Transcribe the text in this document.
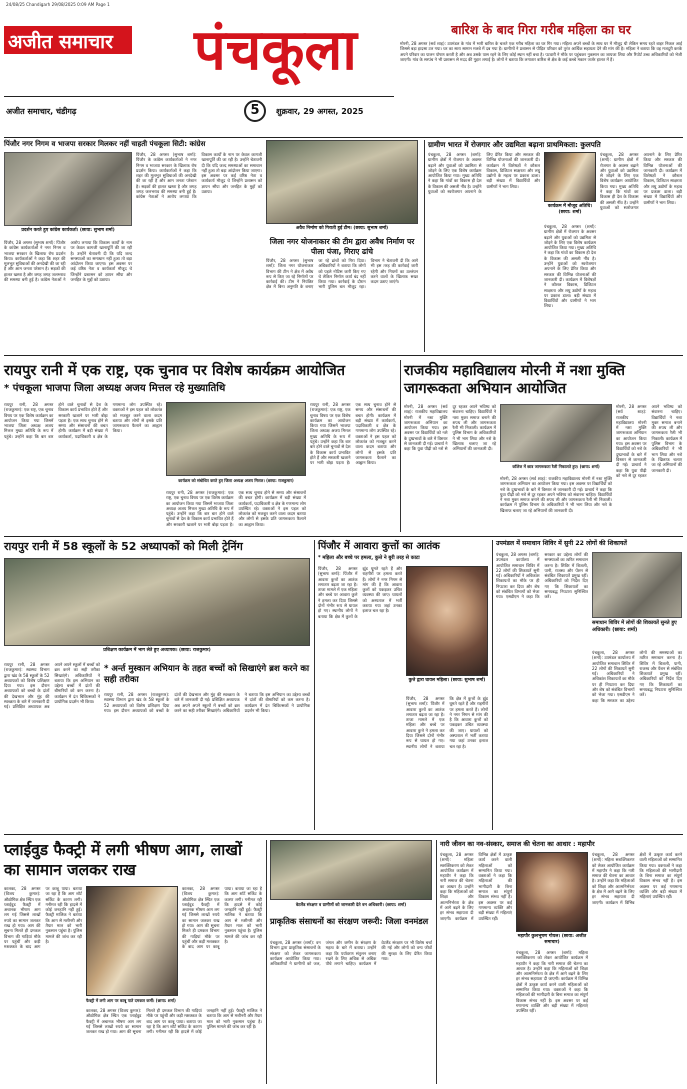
24/08/25 Chandigarh 29/08/2025 0:09 AM Page 1
अजीत समाचार पंचकूला
अजीत समाचार, चंडीगढ़	5	शुक्रवार, 29 अगस्त, 2025
बारिश के बाद गिरा गरीब महिला का घर
मोरनी, 28 अगस्त (सर्व शाह): उपमंडल के गांव में भारी बारिश के चलते एक गरीब महिला का घर गिर गया। महिला अपने बच्चों के साथ घर में मौजूद थी लेकिन समय रहते बाहर निकल आई जिससे बड़ा हादसा टल गया। घर का सारा सामान मलबे में दब गया है। ग्रामीणों ने प्रशासन से पीड़ित परिवार को तुरंत आर्थिक सहायता देने की मांग की है। महिला ने बताया कि वह मजदूरी करके अपने परिवार का पालन पोषण करती है और अब उसके पास रहने के लिए कोई स्थान नहीं बचा है। पटवारी ने मौके पर पहुंचकर नुकसान का जायजा लिया और रिपोर्ट उच्च अधिकारियों को भेजी जाएगी। गांव के सरपंच ने भी प्रशासन से मदद की गुहार लगाई है। लोगों ने बताया कि लगातार बारिश से क्षेत्र के कई कच्चे मकान जर्जर हालत में हैं।
पिंजौर नगर निगम व भाजपा सरकार मिलकर नहीं चाहती पंचकूला सिटी: कांग्रेस
प्रदर्शन करते हुए कांग्रेस कार्यकर्ता। (छाया: सुभाष शर्मा)
पिंजौर, 28 अगस्त (सुभाष शर्मा): पिंजौर के कांग्रेस कार्यकर्ताओं ने नगर निगम व भाजपा सरकार के खिलाफ रोष प्रदर्शन किया। कार्यकर्ताओं ने कहा कि शहर की मूलभूत सुविधाओं की अनदेखी की जा रही है और आम जनता परेशान है। सड़कों की हालत खस्ता है और जगह जगह जलभराव की समस्या बनी हुई है। कांग्रेस नेताओं ने आरोप लगाया कि विकास कार्यों के नाम पर केवल कागजी खानापूर्ति की जा रही है। उन्होंने चेतावनी दी कि यदि जल्द समस्याओं का समाधान नहीं हुआ तो बड़ा आंदोलन किया जाएगा। इस अवसर पर कई वरिष्ठ नेता व कार्यकर्ता मौजूद थे जिन्होंने प्रशासन को ज्ञापन सौंपा और जनहित के मुद्दों को उठाया।
पिंजौर, 28 अगस्त (सुभाष शर्मा): पिंजौर के कांग्रेस कार्यकर्ताओं ने नगर निगम व भाजपा सरकार के खिलाफ रोष प्रदर्शन किया। कार्यकर्ताओं ने कहा कि शहर की मूलभूत सुविधाओं की अनदेखी की जा रही है और आम जनता परेशान है। सड़कों की हालत खस्ता है और जगह जगह जलभराव की समस्या बनी हुई है। कांग्रेस नेताओं ने आरोप लगाया कि विकास कार्यों के नाम पर केवल कागजी खानापूर्ति की जा रही है। उन्होंने चेतावनी दी कि यदि जल्द समस्याओं का समाधान नहीं हुआ तो बड़ा आंदोलन किया जाएगा। इस अवसर पर कई वरिष्ठ नेता व कार्यकर्ता मौजूद थे जिन्होंने प्रशासन को ज्ञापन सौंपा और जनहित के मुद्दों को उठाया।
अवैध निर्माण को गिराती हुई टीम। (छाया: सुभाष शर्मा)
जिला नगर योजनाकार की टीम द्वारा अवैध निर्माण पर पीला पंजा, गिराए ढांचे
पिंजौर, 28 अगस्त (सुभाष शर्मा): जिला नगर योजनाकार विभाग की टीम ने क्षेत्र में अवैध रूप से किए जा रहे निर्माणों पर कार्रवाई की। टीम ने नियंत्रित क्षेत्र में बिना अनुमति के बनाए जा रहे ढांचों को गिरा दिया। अधिकारियों ने बताया कि लोगों को पहले नोटिस जारी किए गए थे लेकिन निर्माण कार्य बंद नहीं किया गया। कार्रवाई के दौरान भारी पुलिस बल मौजूद रहा। विभाग ने चेतावनी दी कि आगे भी इस तरह की कार्रवाई जारी रहेगी और नियमों का उल्लंघन करने वालों के खिलाफ सख्त कदम उठाए जाएंगे।
ग्रामीण भारत में रोजगार और उद्यमिता बढ़ाना प्राथमिकता: कुलपति
पंचकूला, 28 अगस्त (शर्मा): ग्रामीण क्षेत्रों में रोजगार के अवसर बढ़ाने और युवाओं को उद्यमिता से जोड़ने के लिए एक विशेष कार्यक्रम आयोजित किया गया। मुख्य अतिथि ने कहा कि गांवों का विकास ही देश के विकास की असली नींव है। उन्होंने युवाओं को स्वरोजगार अपनाने के लिए प्रेरित किया और सरकार की विभिन्न योजनाओं की जानकारी दी। कार्यक्रम में विशेषज्ञों ने कौशल विकास, डिजिटल साक्षरता और लघु उद्योगों के महत्व पर प्रकाश डाला। बड़ी संख्या में विद्यार्थियों और ग्रामीणों ने भाग लिया।
कार्यक्रम में मौजूद अतिथि। (छाया: शर्मा)
पंचकूला, 28 अगस्त (शर्मा): ग्रामीण क्षेत्रों में रोजगार के अवसर बढ़ाने और युवाओं को उद्यमिता से जोड़ने के लिए एक विशेष कार्यक्रम आयोजित किया गया। मुख्य अतिथि ने कहा कि गांवों का विकास ही देश के विकास की असली नींव है। उन्होंने युवाओं को स्वरोजगार अपनाने के लिए प्रेरित किया और सरकार की विभिन्न योजनाओं की जानकारी दी। कार्यक्रम में विशेषज्ञों ने कौशल विकास, डिजिटल साक्षरता और लघु उद्योगों के महत्व पर प्रकाश डाला। बड़ी संख्या में विद्यार्थियों और ग्रामीणों ने भाग लिया।
पंचकूला, 28 अगस्त (शर्मा): ग्रामीण क्षेत्रों में रोजगार के अवसर बढ़ाने और युवाओं को उद्यमिता से जोड़ने के लिए एक विशेष कार्यक्रम आयोजित किया गया। मुख्य अतिथि ने कहा कि गांवों का विकास ही देश के विकास की असली नींव है। उन्होंने युवाओं को स्वरोजगार अपनाने के लिए प्रेरित किया और सरकार की विभिन्न योजनाओं की जानकारी दी। कार्यक्रम में विशेषज्ञों ने कौशल विकास, डिजिटल साक्षरता और लघु उद्योगों के महत्व पर प्रकाश डाला। बड़ी संख्या में विद्यार्थियों और ग्रामीणों ने भाग लिया।
रायपुर रानी में एक राष्ट्र, एक चुनाव पर विशेष कार्यक्रम आयोजित
* पंचकूला भाजपा जिला अध्यक्ष अजय मित्तल रहे मुख्यातिथि
रायपुर रानी, 28 अगस्त (राजकुमार): एक राष्ट्र, एक चुनाव विषय पर एक विशेष कार्यक्रम का आयोजन किया गया जिसमें भाजपा जिला अध्यक्ष अजय मित्तल मुख्य अतिथि के रूप में पहुंचे। उन्होंने कहा कि बार बार होने वाले चुनावों से देश के विकास कार्य प्रभावित होते हैं और सरकारी खजाने पर भारी बोझ पड़ता है। एक साथ चुनाव होने से समय और संसाधनों की बचत होगी। कार्यक्रम में बड़ी संख्या में कार्यकर्ता, पदाधिकारी व क्षेत्र के गणमान्य लोग उपस्थित रहे। वक्ताओं ने इस पहल को लोकतंत्र को मजबूत करने वाला कदम बताया और लोगों से इसके प्रति जागरूकता फैलाने का आह्वान किया।
कार्यक्रम को संबोधित करते हुए जिला अध्यक्ष अजय मित्तल। (छाया: राजकुमार)
रायपुर रानी, 28 अगस्त (राजकुमार): एक राष्ट्र, एक चुनाव विषय पर एक विशेष कार्यक्रम का आयोजन किया गया जिसमें भाजपा जिला अध्यक्ष अजय मित्तल मुख्य अतिथि के रूप में पहुंचे। उन्होंने कहा कि बार बार होने वाले चुनावों से देश के विकास कार्य प्रभावित होते हैं और सरकारी खजाने पर भारी बोझ पड़ता है। एक साथ चुनाव होने से समय और संसाधनों की बचत होगी। कार्यक्रम में बड़ी संख्या में कार्यकर्ता, पदाधिकारी व क्षेत्र के गणमान्य लोग उपस्थित रहे। वक्ताओं ने इस पहल को लोकतंत्र को मजबूत करने वाला कदम बताया और लोगों से इसके प्रति जागरूकता फैलाने का आह्वान किया।
रायपुर रानी, 28 अगस्त (राजकुमार): एक राष्ट्र, एक चुनाव विषय पर एक विशेष कार्यक्रम का आयोजन किया गया जिसमें भाजपा जिला अध्यक्ष अजय मित्तल मुख्य अतिथि के रूप में पहुंचे। उन्होंने कहा कि बार बार होने वाले चुनावों से देश के विकास कार्य प्रभावित होते हैं और सरकारी खजाने पर भारी बोझ पड़ता है। एक साथ चुनाव होने से समय और संसाधनों की बचत होगी। कार्यक्रम में बड़ी संख्या में कार्यकर्ता, पदाधिकारी व क्षेत्र के गणमान्य लोग उपस्थित रहे। वक्ताओं ने इस पहल को लोकतंत्र को मजबूत करने वाला कदम बताया और लोगों से इसके प्रति जागरूकता फैलाने का आह्वान किया।
राजकीय महाविद्यालय मोरनी में नशा मुक्ति जागरूकता अभियान आयोजित
मोरनी, 28 अगस्त (सर्व शाह): राजकीय महाविद्यालय मोरनी में नशा मुक्ति जागरूकता अभियान का आयोजन किया गया। इस अवसर पर विद्यार्थियों को नशे के दुष्प्रभावों के बारे में विस्तार से जानकारी दी गई। प्राचार्य ने कहा कि युवा पीढ़ी को नशे से दूर रहकर अपने भविष्य को संवारना चाहिए। विद्यार्थियों ने नशा मुक्त समाज बनाने की शपथ ली और जागरूकता रैली भी निकाली। कार्यक्रम में पुलिस विभाग के अधिकारियों ने भी भाग लिया और नशे के खिलाफ चलाए जा रहे अभियानों की जानकारी दी।
कॉलेज में छात्र जागरूकता रैली निकालते हुए। (छाया: शर्मा)
मोरनी, 28 अगस्त (सर्व शाह): राजकीय महाविद्यालय मोरनी में नशा मुक्ति जागरूकता अभियान का आयोजन किया गया। इस अवसर पर विद्यार्थियों को नशे के दुष्प्रभावों के बारे में विस्तार से जानकारी दी गई। प्राचार्य ने कहा कि युवा पीढ़ी को नशे से दूर रहकर अपने भविष्य को संवारना चाहिए। विद्यार्थियों ने नशा मुक्त समाज बनाने की शपथ ली और जागरूकता रैली भी निकाली। कार्यक्रम में पुलिस विभाग के अधिकारियों ने भी भाग लिया और नशे के खिलाफ चलाए जा रहे अभियानों की जानकारी दी।
मोरनी, 28 अगस्त (सर्व शाह): राजकीय महाविद्यालय मोरनी में नशा मुक्ति जागरूकता अभियान का आयोजन किया गया। इस अवसर पर विद्यार्थियों को नशे के दुष्प्रभावों के बारे में विस्तार से जानकारी दी गई। प्राचार्य ने कहा कि युवा पीढ़ी को नशे से दूर रहकर अपने भविष्य को संवारना चाहिए। विद्यार्थियों ने नशा मुक्त समाज बनाने की शपथ ली और जागरूकता रैली भी निकाली। कार्यक्रम में पुलिस विभाग के अधिकारियों ने भी भाग लिया और नशे के खिलाफ चलाए जा रहे अभियानों की जानकारी दी।
रायपुर रानी में 58 स्कूलों के 52 अध्यापकों को मिली ट्रेनिंग
प्रशिक्षण कार्यक्रम में भाग लेते हुए अध्यापक। (छाया: राजकुमार)
रायपुर रानी, 28 अगस्त (राजकुमार): स्वास्थ्य विभाग द्वारा खंड के 58 स्कूलों के 52 अध्यापकों को विशेष प्रशिक्षण दिया गया। इस दौरान अध्यापकों को बच्चों के दांतों की देखभाल और मुंह की स्वच्छता के बारे में जानकारी दी गई। प्रशिक्षित अध्यापक अब अपने अपने स्कूलों में बच्चों को ब्रश करने का सही तरीका सिखाएंगे। अधिकारियों ने बताया कि इस अभियान का उद्देश्य बच्चों में दांतों की बीमारियों को कम करना है। कार्यक्रम में दंत चिकित्सकों ने प्रायोगिक प्रदर्शन भी किया।
* अर्न्त मुस्कान अभियान के तहत बच्चों को सिखाएंगे ब्रश करने का सही तरीका
रायपुर रानी, 28 अगस्त (राजकुमार): स्वास्थ्य विभाग द्वारा खंड के 58 स्कूलों के 52 अध्यापकों को विशेष प्रशिक्षण दिया गया। इस दौरान अध्यापकों को बच्चों के दांतों की देखभाल और मुंह की स्वच्छता के बारे में जानकारी दी गई। प्रशिक्षित अध्यापक अब अपने अपने स्कूलों में बच्चों को ब्रश करने का सही तरीका सिखाएंगे। अधिकारियों ने बताया कि इस अभियान का उद्देश्य बच्चों में दांतों की बीमारियों को कम करना है। कार्यक्रम में दंत चिकित्सकों ने प्रायोगिक प्रदर्शन भी किया।
पिंजौर में आवारा कुत्तों का आतंक
* महिला और बच्चे पर हमला, कुत्ते ने बुरी तरह से काटा
पिंजौर, 28 अगस्त (सुभाष शर्मा): पिंजौर में आवारा कुत्तों का आतंक लगातार बढ़ता जा रहा है। ताजा मामले में एक महिला और बच्चे पर आवारा कुत्ते ने हमला कर दिया जिससे दोनों गंभीर रूप से घायल हो गए। स्थानीय लोगों ने बताया कि क्षेत्र में कुत्तों के झुंड घूमते रहते हैं और राहगीरों पर हमला करते हैं। लोगों ने नगर निगम से मांग की है कि आवारा कुत्तों को पकड़कर उचित व्यवस्था की जाए। घायलों को अस्पताल में भर्ती कराया गया जहां उनका इलाज चल रहा है।
कुत्ते द्वारा घायल महिला। (छाया: सुभाष शर्मा)
पिंजौर, 28 अगस्त (सुभाष शर्मा): पिंजौर में आवारा कुत्तों का आतंक लगातार बढ़ता जा रहा है। ताजा मामले में एक महिला और बच्चे पर आवारा कुत्ते ने हमला कर दिया जिससे दोनों गंभीर रूप से घायल हो गए। स्थानीय लोगों ने बताया कि क्षेत्र में कुत्तों के झुंड घूमते रहते हैं और राहगीरों पर हमला करते हैं। लोगों ने नगर निगम से मांग की है कि आवारा कुत्तों को पकड़कर उचित व्यवस्था की जाए। घायलों को अस्पताल में भर्ती कराया गया जहां उनका इलाज चल रहा है।
उपमंडल में समाधान शिविर में सुनी 22 लोगों की शिकायतें
पंचकूला, 28 अगस्त (शर्मा): उपमंडल कार्यालय में आयोजित समाधान शिविर में 22 लोगों की शिकायतें सुनी गईं। अधिकारियों ने अधिकांश शिकायतों का मौके पर ही निपटारा कर दिया और शेष को संबंधित विभागों को भेजा गया। एसडीएम ने कहा कि सरकार का उद्देश्य लोगों की समस्याओं का त्वरित समाधान करना है। शिविर में बिजली, पानी, राजस्व और पेंशन से संबंधित शिकायतें प्रमुख रहीं। अधिकारियों को निर्देश दिए गए कि शिकायतों का समयबद्ध निपटारा सुनिश्चित करें।
समाधान शिविर में लोगों की शिकायतें सुनते हुए अधिकारी। (छाया: शर्मा)
पंचकूला, 28 अगस्त (शर्मा): उपमंडल कार्यालय में आयोजित समाधान शिविर में 22 लोगों की शिकायतें सुनी गईं। अधिकारियों ने अधिकांश शिकायतों का मौके पर ही निपटारा कर दिया और शेष को संबंधित विभागों को भेजा गया। एसडीएम ने कहा कि सरकार का उद्देश्य लोगों की समस्याओं का त्वरित समाधान करना है। शिविर में बिजली, पानी, राजस्व और पेंशन से संबंधित शिकायतें प्रमुख रहीं। अधिकारियों को निर्देश दिए गए कि शिकायतों का समयबद्ध निपटारा सुनिश्चित करें।
प्लाईवुड फैक्ट्री में लगी भीषण आग, लाखों का सामान जलकर राख
कालका, 28 अगस्त (विजय कुमार): औद्योगिक क्षेत्र स्थित एक प्लाईवुड फैक्ट्री में अचानक भीषण आग लग गई जिससे लाखों रुपये का सामान जलकर राख हो गया। आग की सूचना मिलते ही दमकल विभाग की गाड़ियां मौके पर पहुंचीं और कड़ी मशक्कत के बाद आग पर काबू पाया। बताया जा रहा है कि आग शॉर्ट सर्किट के कारण लगी। गनीमत रही कि हादसे में कोई जनहानि नहीं हुई। फैक्ट्री मालिक ने बताया कि आग से मशीनरी और तैयार माल को भारी नुकसान पहुंचा है। पुलिस मामले की जांच कर रही है।
फैक्ट्री में लगी आग पर काबू पाते दमकल कर्मी। (छाया: शर्मा)
कालका, 28 अगस्त (विजय कुमार): औद्योगिक क्षेत्र स्थित एक प्लाईवुड फैक्ट्री में अचानक भीषण आग लग गई जिससे लाखों रुपये का सामान जलकर राख हो गया। आग की सूचना मिलते ही दमकल विभाग की गाड़ियां मौके पर पहुंचीं और कड़ी मशक्कत के बाद आग पर काबू पाया। बताया जा रहा है कि आग शॉर्ट सर्किट के कारण लगी। गनीमत रही कि हादसे में कोई जनहानि नहीं हुई। फैक्ट्री मालिक ने बताया कि आग से मशीनरी और तैयार माल को भारी नुकसान पहुंचा है। पुलिस मामले की जांच कर रही है।
कालका, 28 अगस्त (विजय कुमार): औद्योगिक क्षेत्र स्थित एक प्लाईवुड फैक्ट्री में अचानक भीषण आग लग गई जिससे लाखों रुपये का सामान जलकर राख हो गया। आग की सूचना मिलते ही दमकल विभाग की गाड़ियां मौके पर पहुंचीं और कड़ी मशक्कत के बाद आग पर काबू पाया। बताया जा रहा है कि आग शॉर्ट सर्किट के कारण लगी। गनीमत रही कि हादसे में कोई जनहानि नहीं हुई। फैक्ट्री मालिक ने बताया कि आग से मशीनरी और तैयार माल को भारी नुकसान पहुंचा है। पुलिस मामले की जांच कर रही है।
वेटलैंड संरक्षण व ग्रामीणों को जानकारी देते वन अधिकारी। (छाया: शर्मा)
प्राकृतिक संसाधनों का संरक्षण जरूरी: जिला वनमंडल
पंचकूला, 28 अगस्त (शर्मा): वन विभाग द्वारा प्राकृतिक संसाधनों के संरक्षण को लेकर जागरूकता कार्यक्रम आयोजित किया गया। अधिकारियों ने ग्रामीणों को जल, जंगल और जमीन के संरक्षण के महत्व के बारे में बताया। उन्होंने कहा कि पर्यावरण संतुलन बनाए रखने के लिए अधिक से अधिक पौधे लगाने चाहिए। कार्यक्रम में वेटलैंड संरक्षण पर भी विशेष चर्चा की गई और लोगों को वन्य जीवों की सुरक्षा के लिए प्रेरित किया गया।
नारी जीवन का नव-संस्कार, समाज की चेतना का आधार : महापौर
पंचकूला, 28 अगस्त (शर्मा): महिला सशक्तिकरण को लेकर आयोजित कार्यक्रम में महापौर ने कहा कि नारी समाज की चेतना का आधार है। उन्होंने कहा कि महिलाओं को शिक्षा और आत्मनिर्भरता के क्षेत्र में आगे बढ़ने के लिए हर संभव सहायता दी जाएगी। कार्यक्रम में विभिन्न क्षेत्रों में उत्कृष्ट कार्य करने वाली महिलाओं को सम्मानित किया गया। वक्ताओं ने कहा कि महिलाओं की भागीदारी के बिना समाज का संपूर्ण विकास संभव नहीं है। इस अवसर पर कई गणमान्य व्यक्ति और बड़ी संख्या में महिलाएं उपस्थित रहीं।
महापौर कुलभूषण गोयल। (छाया: अजीत समाचार)
पंचकूला, 28 अगस्त (शर्मा): महिला सशक्तिकरण को लेकर आयोजित कार्यक्रम में महापौर ने कहा कि नारी समाज की चेतना का आधार है। उन्होंने कहा कि महिलाओं को शिक्षा और आत्मनिर्भरता के क्षेत्र में आगे बढ़ने के लिए हर संभव सहायता दी जाएगी। कार्यक्रम में विभिन्न क्षेत्रों में उत्कृष्ट कार्य करने वाली महिलाओं को सम्मानित किया गया। वक्ताओं ने कहा कि महिलाओं की भागीदारी के बिना समाज का संपूर्ण विकास संभव नहीं है। इस अवसर पर कई गणमान्य व्यक्ति और बड़ी संख्या में महिलाएं उपस्थित रहीं।
पंचकूला, 28 अगस्त (शर्मा): महिला सशक्तिकरण को लेकर आयोजित कार्यक्रम में महापौर ने कहा कि नारी समाज की चेतना का आधार है। उन्होंने कहा कि महिलाओं को शिक्षा और आत्मनिर्भरता के क्षेत्र में आगे बढ़ने के लिए हर संभव सहायता दी जाएगी। कार्यक्रम में विभिन्न क्षेत्रों में उत्कृष्ट कार्य करने वाली महिलाओं को सम्मानित किया गया। वक्ताओं ने कहा कि महिलाओं की भागीदारी के बिना समाज का संपूर्ण विकास संभव नहीं है। इस अवसर पर कई गणमान्य व्यक्ति और बड़ी संख्या में महिलाएं उपस्थित रहीं।
